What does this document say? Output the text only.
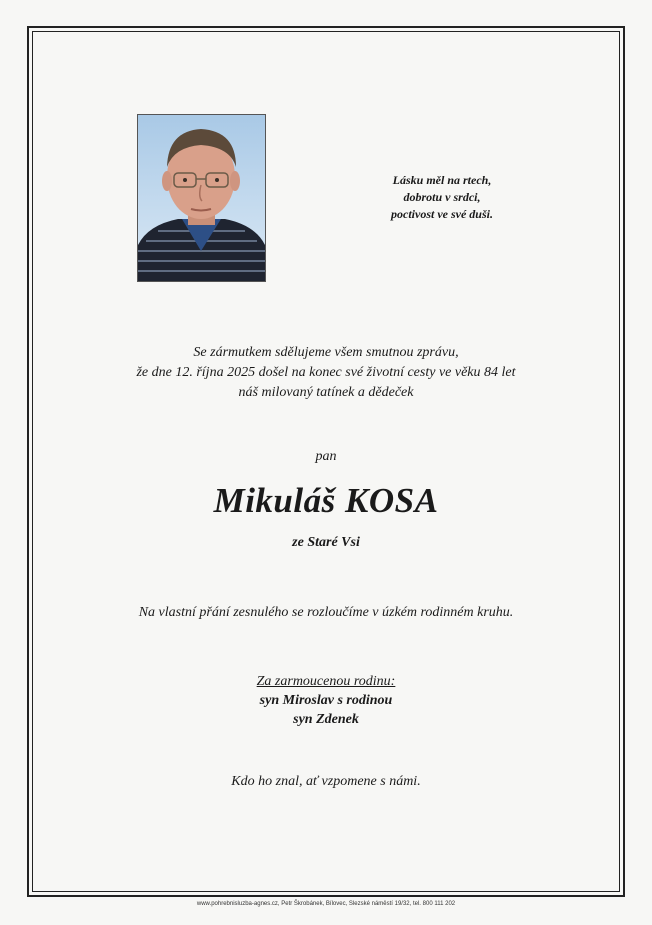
Lásku měl na rtech,
dobrotu v srdci,
poctivost ve své duši.
Se zármutkem sdělujeme všem smutnou zprávu,
že dne 12. října 2025 došel na konec své životní cesty ve věku 84 let
náš milovaný tatínek a dědeček
pan
Mikuláš KOSA
ze Staré Vsi
Na vlastní přání zesnulého se rozloučíme v úzkém rodinném kruhu.
Za zarmoucenou rodinu:
syn Miroslav s rodinou
syn Zdenek
Kdo ho znal, ať vzpomene s námi.
www.pohrebnisluzba-agnes.cz, Petr Škrobánek, Bílovec, Slezské náměstí 19/32, tel. 800 111 202
